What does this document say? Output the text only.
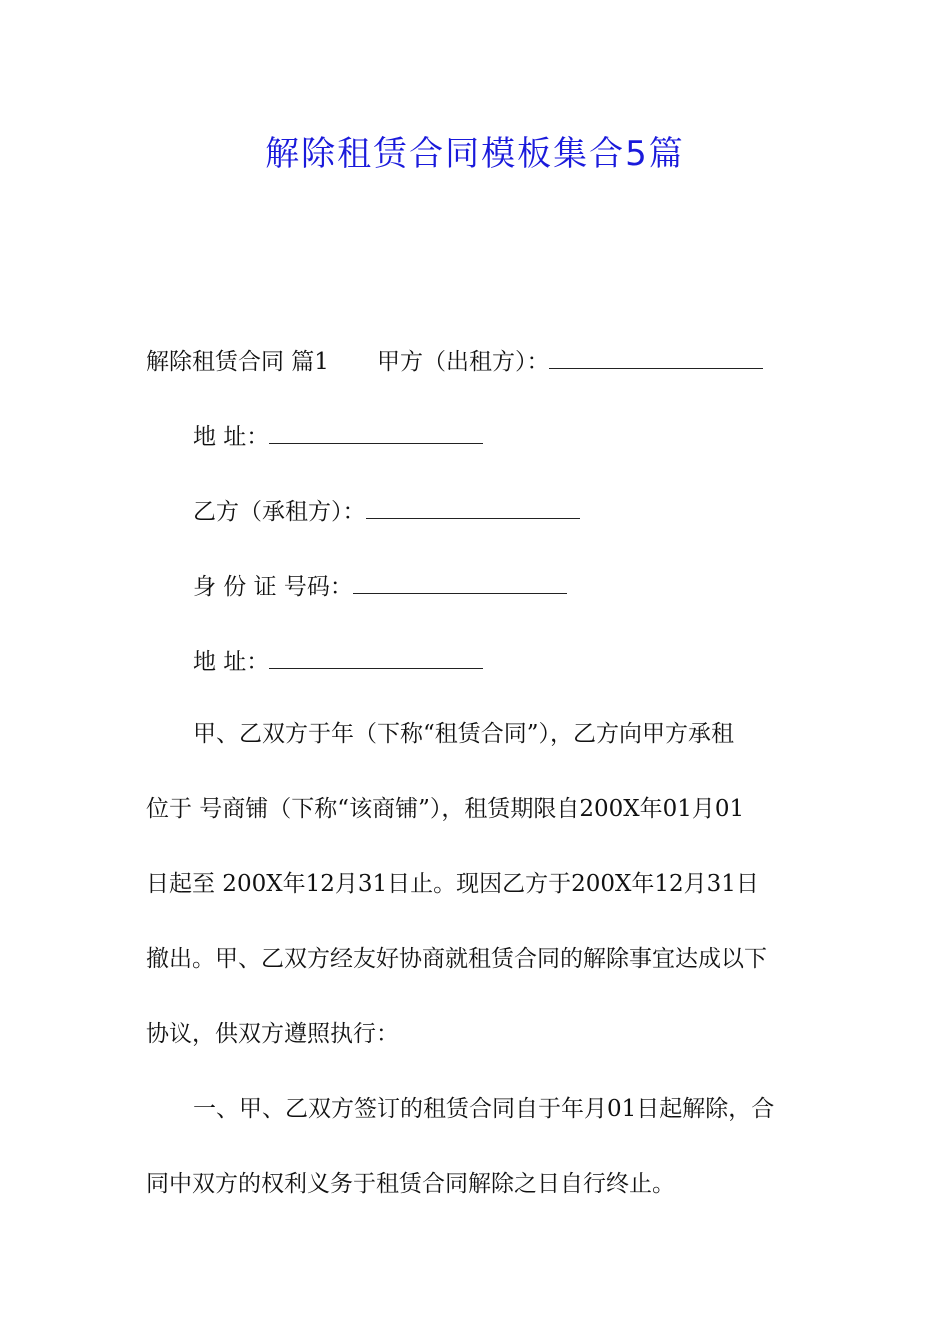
解除租赁合同模板集合5篇
解除租赁合同 篇1 甲方（出租方）：
地 址：
乙方（承租方）：
身 份 证 号码：
地 址：
甲、乙双方于年（下称“租赁合同”），乙方向甲方承租
位于 号商铺（下称“该商铺”），租赁期限自200X年01月01
日起至 200X年12月31日止。现因乙方于200X年12月31日
撤出。甲、乙双方经友好协商就租赁合同的解除事宜达成以下
协议，供双方遵照执行：
一、甲、乙双方签订的租赁合同自于年月01日起解除，合
同中双方的权利义务于租赁合同解除之日自行终止。
